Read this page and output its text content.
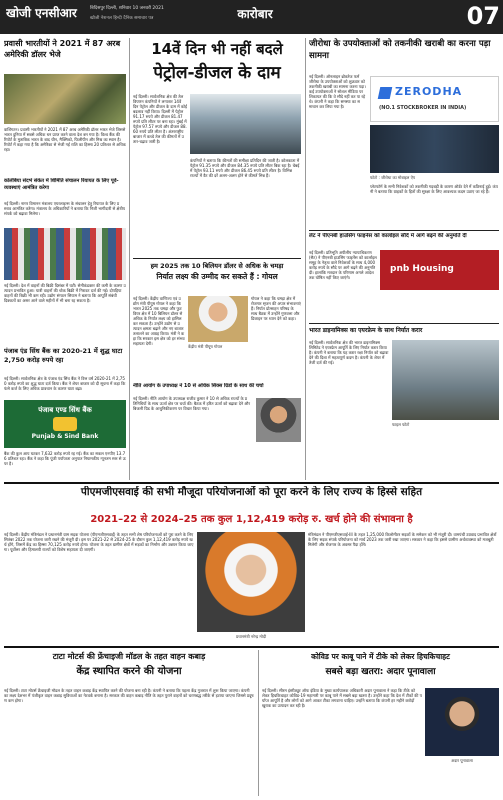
खोजी एनसीआर	बिदिसपुर दिल्ली, शनिवार 10 जनवरी 2021
खोजी नेशनल हिन्दी दैनिक समाचार पत्र	कारोबार	07
प्रवासी भारतीयों ने 2021 में 87 अरब अमेरिकी डॉलर भेजे
वाशिंगटन। प्रवासी भारतीयों ने 2021 में 87 अरब अमेरिकी डॉलर भारत भेजे जिससे भारत दुनिया में सबसे अधिक धन प्राप्त करने वाला देश बन गया है। विश्व बैंक की रिपोर्ट के मुताबिक भारत के बाद चीन, मैक्सिको, फिलीपीन और मिस्र का स्थान है। रिपोर्ट में कहा गया है कि अमेरिका से भेजी गई राशि का हिस्सा 20 प्रतिशत से अधिक रहा।
कोलंबिया संदर्भ संकेत में शिमिति संचालन रियायत के लिए पूर्व-व्यवस्थाएं आमंत्रित करेगा
नई दिल्ली। नागर विमानन मंत्रालय एयरलाइन्स के संचालन हेतु रियायत के लिए प्रस्ताव आमंत्रित करेगा। मंत्रालय के अधिकारियों ने बताया कि निजी भागीदारी से क्षेत्रीय संपर्क को बढ़ावा मिलेगा।
नई दिल्ली। देश में वाहनों की बिक्री दिसंबर में घटी। सेमीकंडक्टर की कमी के कारण उत्पादन प्रभावित हुआ। यात्री वाहनों की थोक बिक्री में गिरावट दर्ज की गई। दोपहिया वाहनों की बिक्री भी कम रही। उद्योग संगठन सियाम ने बताया कि आपूर्ति संबंधी दिक्कतों का असर आने वाले महीनों में भी बना रह सकता है।
पंजाब एंड सिंध बैंक का 2020-21 में शुद्ध घाटा 2,750 करोड़ रुपये रहा
नई दिल्ली। सार्वजनिक क्षेत्र के पंजाब एंड सिंध बैंक ने वित्त वर्ष 2020-21 में 2,750 करोड़ रुपये का शुद्ध घाटा दर्ज किया। बैंक ने शेयर बाजार को दी सूचना में कहा कि फंसे कर्ज के लिए अधिक प्रावधान के कारण घाटा बढ़ा।
पंजाब एण्ड सिंध बैंक
Punjab & Sind Bank
बैंक की कुल आय घटकर 7,632 करोड़ रुपये रह गई। बैंक का सकल एनपीए 13.76 प्रतिशत रहा। बैंक ने कहा कि पूंजी पर्याप्तता अनुपात नियामकीय न्यूनतम स्तर से ऊपर है।
14वें दिन भी नहीं बदले
पेट्रोल-डीजल के दाम
नई दिल्ली। सार्वजनिक क्षेत्र की तेल विपणन कंपनियों ने लगातार 14वें दिन पेट्रोल और डीजल के दाम में कोई बदलाव नहीं किया। दिल्ली में पेट्रोल 91.17 रुपये और डीजल 81.47 रुपये प्रति लीटर पर बना रहा। मुंबई में पेट्रोल 97.57 रुपये और डीजल 88.60 रुपये प्रति लीटर है। अंतरराष्ट्रीय बाजार में कच्चे तेल की कीमतों में उतार-चढ़ाव जारी है।
कंपनियों ने बताया कि कीमतों की समीक्षा प्रतिदिन की जाती है। कोलकाता में पेट्रोल 91.35 रुपये और डीजल 84.35 रुपये प्रति लीटर बिक रहा है। चेन्नई में पेट्रोल 93.11 रुपये और डीजल 86.45 रुपये प्रति लीटर है। विभिन्न राज्यों में वैट की दरें अलग-अलग होने से कीमतें भिन्न हैं।
जीरोधा के उपयोक्ताओं को तकनीकी खराबी का करना पड़ा सामना
नई दिल्ली। ऑनलाइन ब्रोकरेज फर्म जीरोधा के उपयोक्ताओं को शुक्रवार को तकनीकी खराबी का सामना करना पड़ा। कई उपयोक्ताओं ने सोशल मीडिया पर शिकायत की कि वे सौदे नहीं कर पा रहे थे। कंपनी ने कहा कि समस्या का समाधान कर लिया गया है।
ZERODHA
(NO.1 STOCKBROKER IN INDIA)
फोटो : जीरोधा का मोबाइल ऐप
प्लेटफॉर्म के सभी निवेशकों को तकनीकी गड़बड़ी के कारण ऑर्डर देने में कठिनाई हुई। कंपनी ने बताया कि ग्राहकों के हितों की सुरक्षा के लिए आवश्यक कदम उठाए जा रहे हैं।
लेट ने पीएनबी हाउसिंग फाइनेंस को कार्लाइल सौदे में आगे बढ़ने की अनुमति दी
pnb Housing
नई दिल्ली। प्रतिभूति अपीलीय न्यायाधिकरण (सैट) ने पीएनबी हाउसिंग फाइनेंस को कार्लाइल समूह के नेतृत्व वाले निवेशकों के साथ 4,000 करोड़ रुपये के सौदे पर आगे बढ़ने की अनुमति दी। हालांकि मतदान के परिणाम अगले आदेश तक घोषित नहीं किए जाएंगे।
हम 2025 तक 10 बिलियन डॉलर से अधिक के चमड़ा
निर्यात लक्ष्य की उम्मीद कर सकते हैं : गोयल
नई दिल्ली। केंद्रीय वाणिज्य एवं उद्योग मंत्री पीयूष गोयल ने कहा कि भारत 2025 तक चमड़ा और फुटवियर क्षेत्र में 10 बिलियन डॉलर से अधिक के निर्यात लक्ष्य को हासिल कर सकता है। उन्होंने उद्योग से उत्पादन क्षमता बढ़ाने और नए बाजार तलाशने का आग्रह किया। मंत्री ने कहा कि सरकार इस क्षेत्र को हर संभव सहायता देगी।
केंद्रीय मंत्री पीयूष गोयल
गोयल ने कहा कि चमड़ा क्षेत्र में रोजगार सृजन की अपार संभावनाएं हैं। निर्यात प्रोत्साहन परिषद के साथ बैठक में उन्होंने गुणवत्ता और डिजाइन पर ध्यान देने को कहा।
नीति आयोग के उपाध्यक्ष ने 10 से अधिक सिक्स ग्रिडों के साथ की चर्चा
नई दिल्ली। नीति आयोग के उपाध्यक्ष राजीव कुमार ने 10 से अधिक राज्यों के प्रतिनिधियों के साथ ऊर्जा क्षेत्र पर चर्चा की। बैठक में हरित ऊर्जा को बढ़ावा देने और बिजली ग्रिड के आधुनिकीकरण पर विचार किया गया।
भारत डाइनामिक्स का एयरफ्रेम के साथ निर्यात करार
नई दिल्ली। सार्वजनिक क्षेत्र की भारत डाइनामिक्स लिमिटेड ने एयरफ्रेम आपूर्ति के लिए निर्यात करार किया है। कंपनी ने बताया कि यह करार रक्षा निर्यात को बढ़ावा देने की दिशा में महत्वपूर्ण कदम है। कंपनी के शेयर में तेजी दर्ज की गई।
फाइल फोटो
पीएमजीएसवाई की सभी मौजूदा परियोजनाओं को पूरा करने के लिए राज्य के हिस्से सहित
2021–22 से 2024–25 तक कुल 1,12,419 करोड़ रु. खर्च होने की संभावना है
नई दिल्ली। केंद्रीय मंत्रिमंडल ने प्रधानमंत्री ग्राम सड़क योजना (पीएमजीएसवाई) के तहत सभी शेष परियोजनाओं को पूरा करने के लिए सितंबर 2022 तक योजना जारी रखने की मंजूरी दी। इस पर 2021-22 से 2024-25 के दौरान कुल 1,12,419 करोड़ रुपये खर्च होंगे, जिसमें केंद्र का हिस्सा 70,125 करोड़ रुपये होगा। योजना के तहत ग्रामीण क्षेत्रों में सड़कों का निर्माण और उन्नयन किया जाएगा। पूर्वोत्तर और हिमालयी राज्यों को विशेष सहायता दी जाएगी।
प्रधानमंत्री नरेन्द्र मोदी
मंत्रिमंडल ने पीएमजीएसवाई-III के तहत 1,25,000 किलोमीटर सड़कों के समेकन को भी मंजूरी दी। वामपंथी उग्रवाद प्रभावित क्षेत्रों के लिए सड़क संपर्क परियोजना को मार्च 2023 तक जारी रखा जाएगा। सरकार ने कहा कि इससे ग्रामीण अर्थव्यवस्था को मजबूती मिलेगी और रोजगार के अवसर पैदा होंगे।
टाटा मोटर्स की फ्रेंचाइजी मॉडल के तहत वाहन कबाड़
केंद्र स्थापित करने की योजना
नई दिल्ली। टाटा मोटर्स फ्रेंचाइजी मॉडल के तहत वाहन कबाड़ केंद्र स्थापित करने की योजना बना रही है। कंपनी ने बताया कि पहला केंद्र गुजरात में शुरू किया जाएगा। कंपनी का लक्ष्य देशभर में पंजीकृत वाहन कबाड़ सुविधाओं का नेटवर्क बनाना है। सरकार की वाहन कबाड़ नीति के तहत पुराने वाहनों को चरणबद्ध तरीके से हटाया जाएगा जिससे प्रदूषण कम होगा।
कोविड पर काबू पाने में टीके को लेकर हिचकिचाहट
सबसे बड़ा खतरा: अदार पूनावाला
नई दिल्ली। सीरम इंस्टीट्यूट ऑफ इंडिया के मुख्य कार्यपालक अधिकारी अदार पूनावाला ने कहा कि टीके को लेकर हिचकिचाहट कोविड-19 महामारी पर काबू पाने में सबसे बड़ा खतरा है। उन्होंने कहा कि देश में टीकों की पर्याप्त आपूर्ति है और लोगों को आगे आकर टीका लगवाना चाहिए। उन्होंने बताया कि कंपनी हर महीने करोड़ों खुराक का उत्पादन कर रही है।
अदार पूनावाला
